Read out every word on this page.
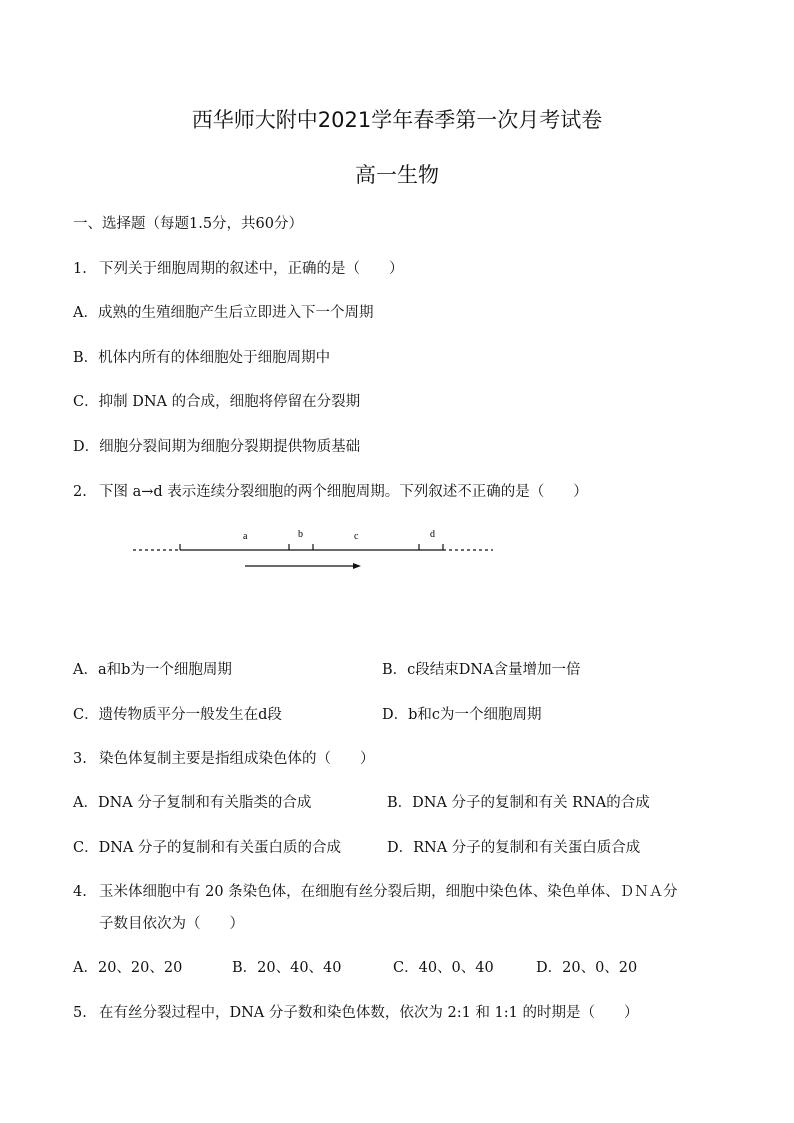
西华师大附中2021学年春季第一次月考试卷
高一生物
一、选择题（每题1.5分，共60分）
1. 下列关于细胞周期的叙述中，正确的是（　　）
A．成熟的生殖细胞产生后立即进入下一个周期
B．机体内所有的体细胞处于细胞周期中
C．抑制 DNA 的合成，细胞将停留在分裂期
D．细胞分裂间期为细胞分裂期提供物质基础
2. 下图 a→d 表示连续分裂细胞的两个细胞周期。下列叙述不正确的是（　　）
a	b	c	d
A．a和b为一个细胞周期	B．c段结束DNA含量增加一倍
C．遗传物质平分一般发生在d段	D．b和c为一个细胞周期
3. 染色体复制主要是指组成染色体的（　　）
A．DNA 分子复制和有关脂类的合成	B．DNA 分子的复制和有关 RNA的合成
C．DNA 分子的复制和有关蛋白质的合成	D．RNA 分子的复制和有关蛋白质合成
4. 玉米体细胞中有 20 条染色体，在细胞有丝分裂后期，细胞中染色体、染色单体、ＤＮＡ分
子数目依次为（　　）
A．20、20、20	B．20、40、40	C．40、0、40	D．20、0、20
5. 在有丝分裂过程中，DNA 分子数和染色体数，依次为 2:1 和 1:1 的时期是（　　）
